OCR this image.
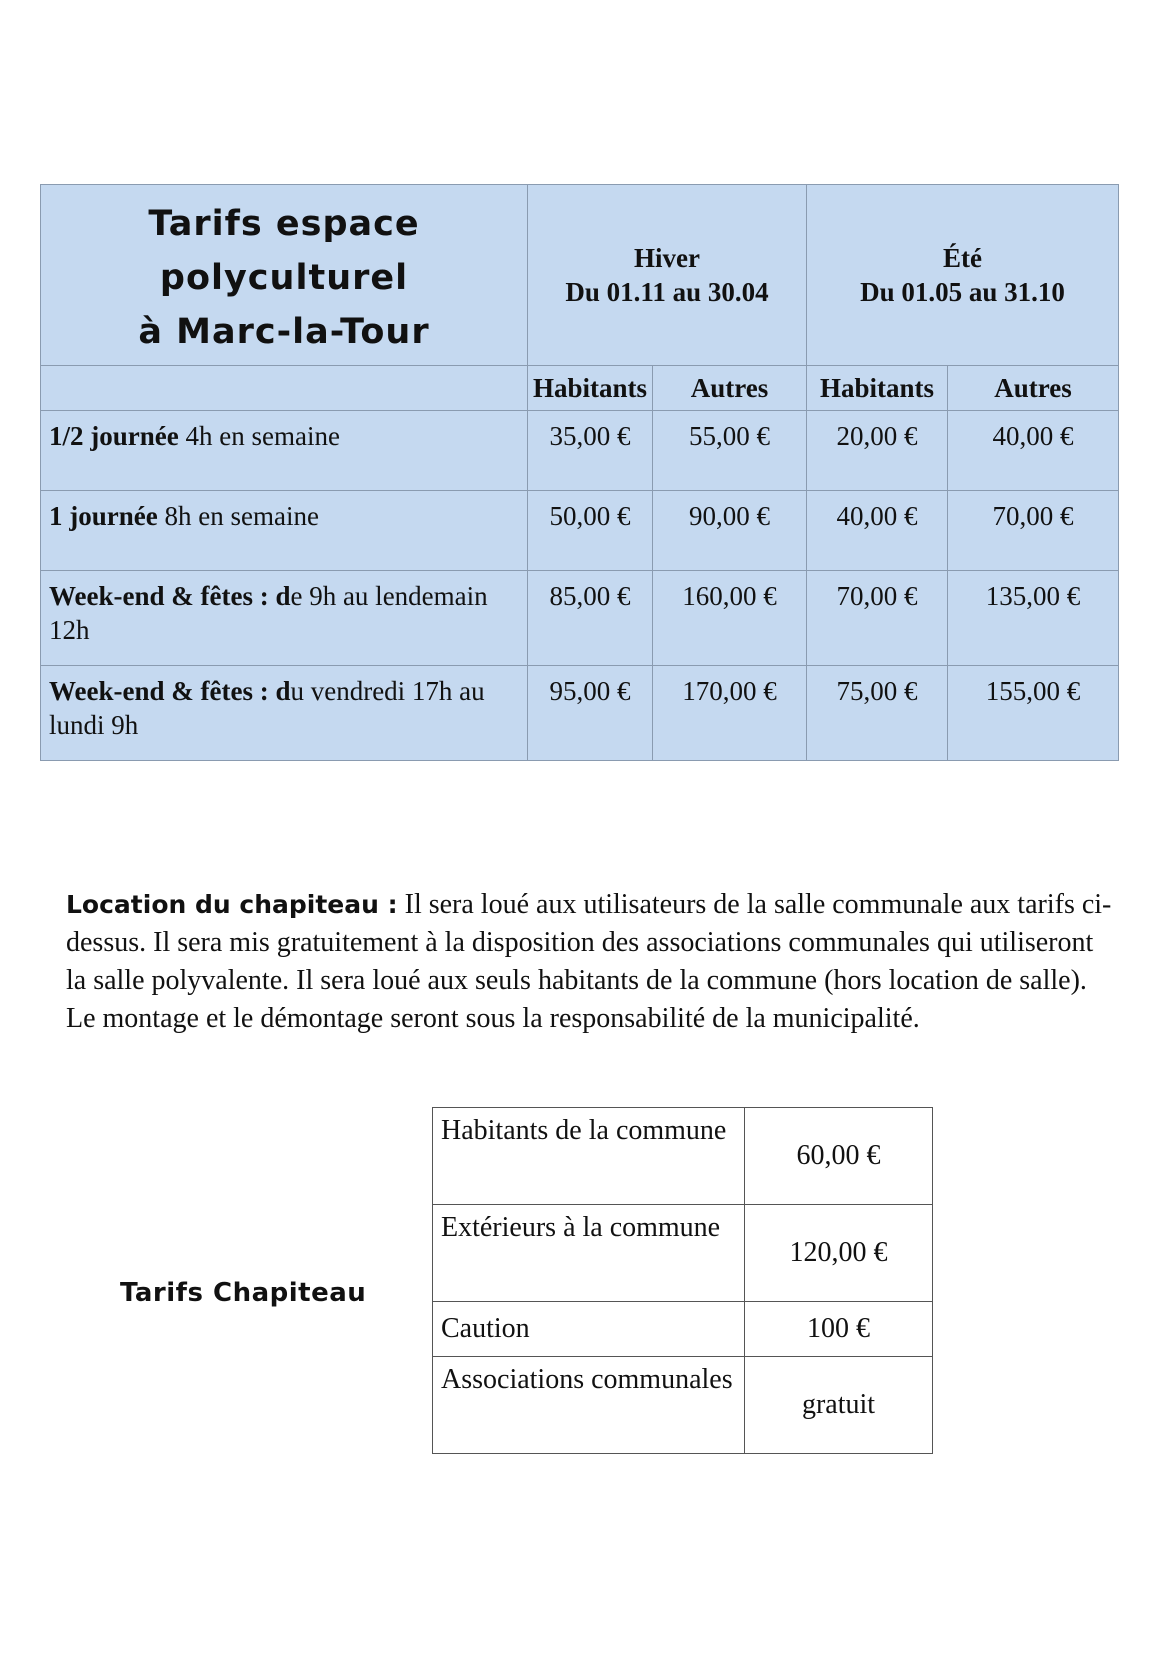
Tarifs espace
polyculturel
à Marc-la-Tour	Hiver
Du 01.11 au 30.04		Été
Du 01.05 au 31.10	

	Habitants	Autres	Habitants	Autres
1/2 journée 4h en semaine	35,00 €	55,00 €	20,00 €	40,00 €
1 journée 8h en semaine	50,00 €	90,00 €	40,00 €	70,00 €
Week-end & fêtes : de 9h au lendemain 12h	85,00 €	160,00 €	70,00 €	135,00 €
Week-end & fêtes : du vendredi 17h au lundi 9h	95,00 €	170,00 €	75,00 €	155,00 €

Location du chapiteau : Il sera loué aux utilisateurs de la salle communale aux tarifs ci-dessus. Il sera mis gratuitement à la disposition des associations communales qui utiliseront la salle polyvalente. Il sera loué aux seuls habitants de la commune (hors location de salle). Le montage et le démontage seront sous la responsabilité de la municipalité.

Tarifs Chapiteau
Habitants de la commune	60,00 €
Extérieurs à la commune	120,00 €
Caution	100 €
Associations communales	gratuit
